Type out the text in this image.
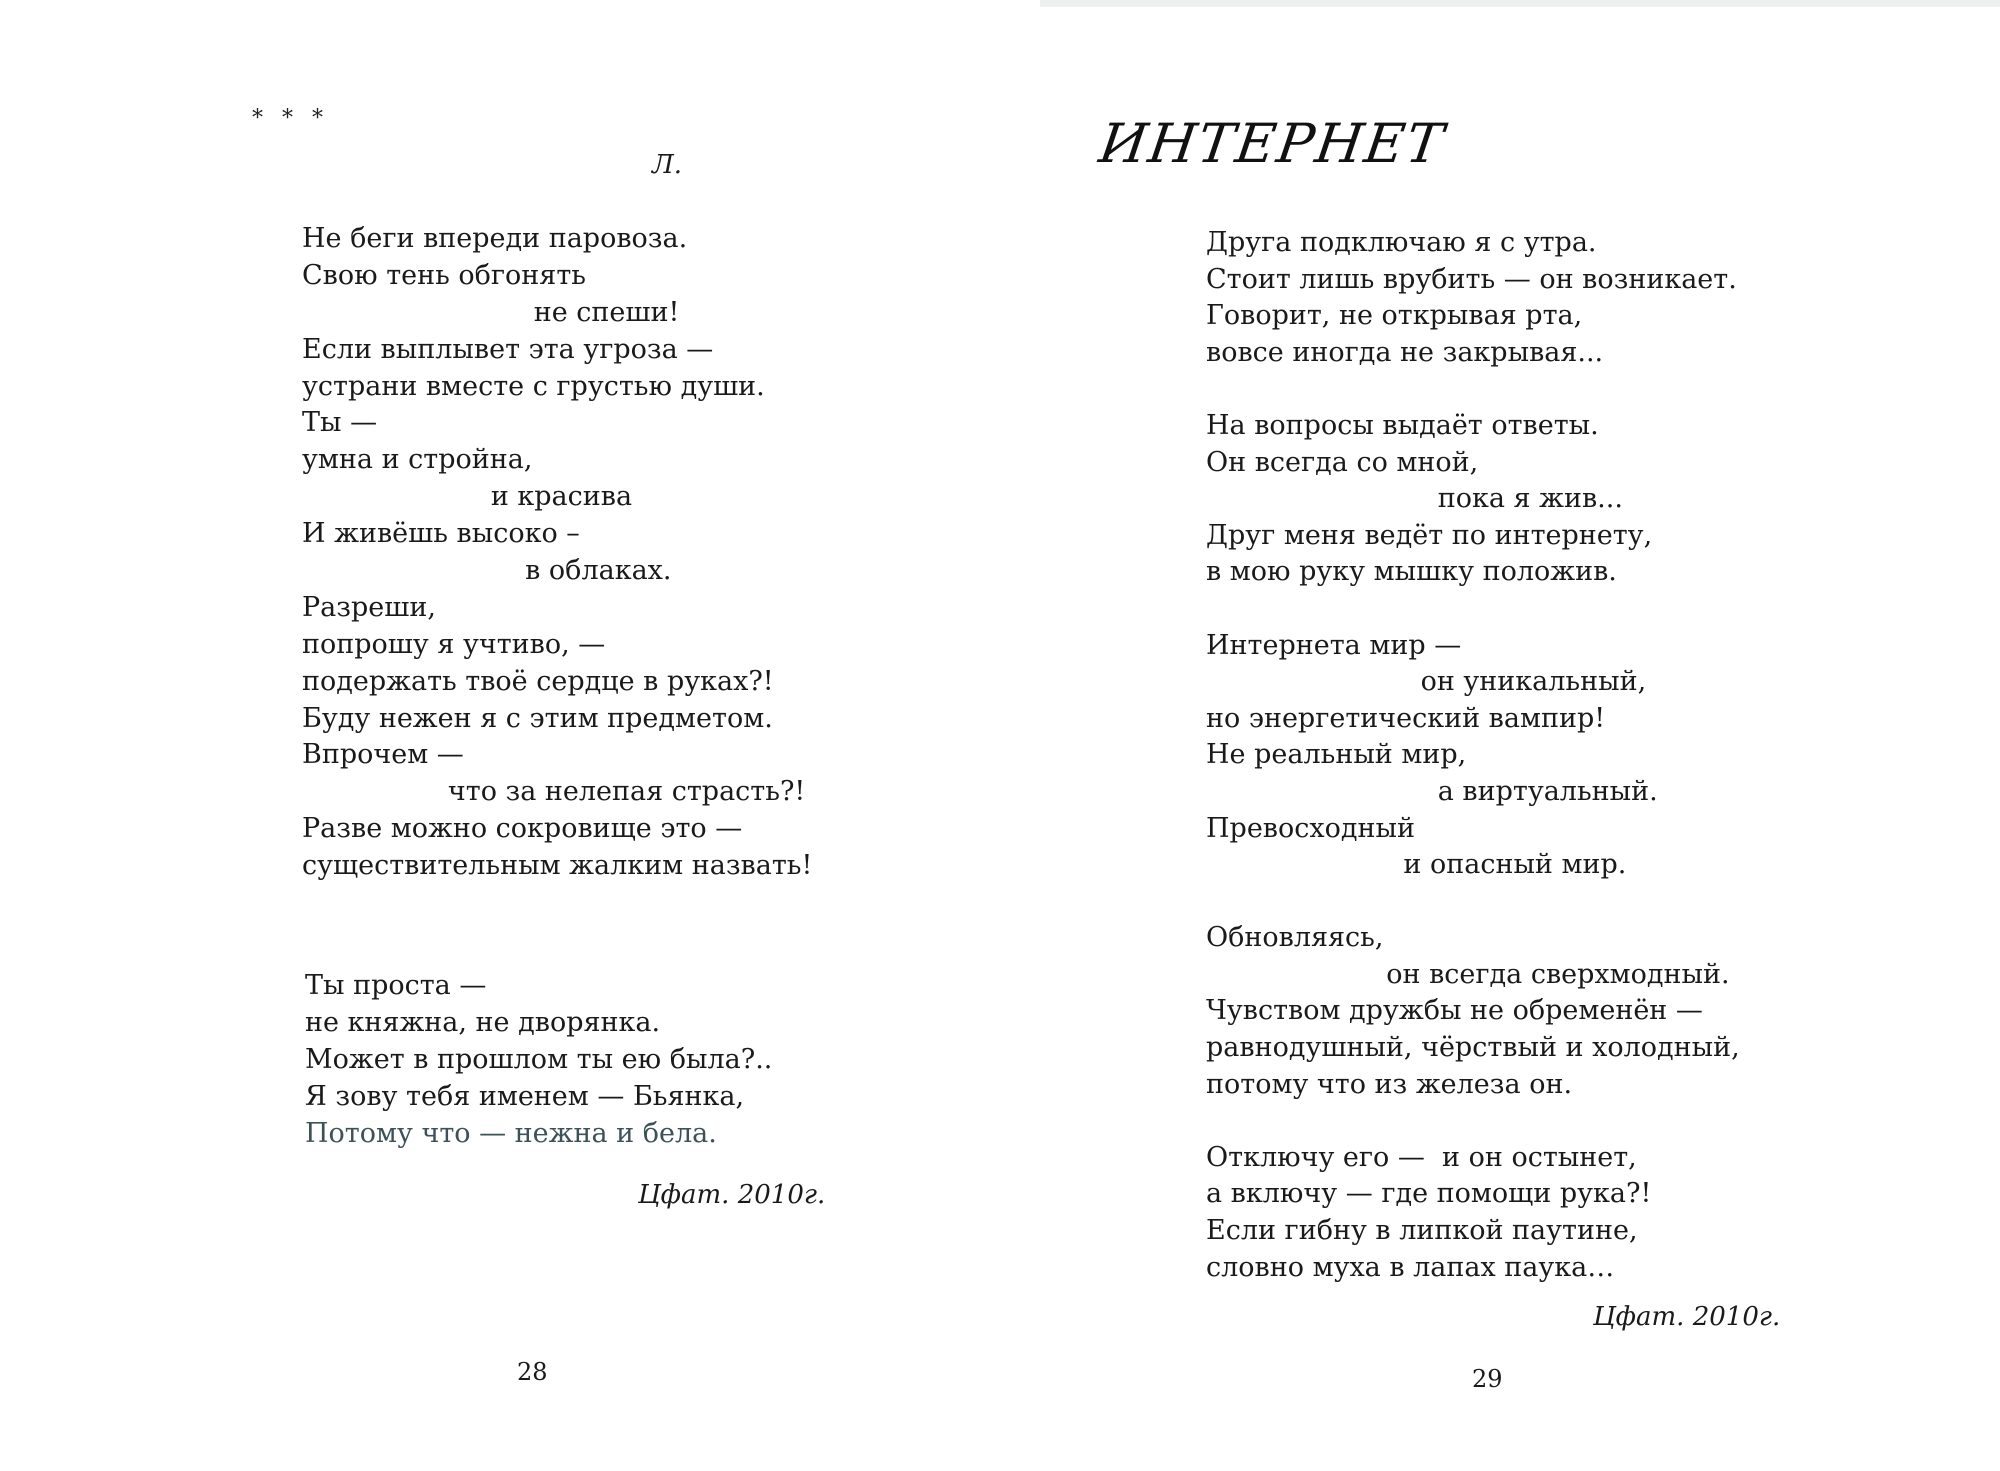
* * *
Л.
Не беги впереди паровоза.
Свою тень обгонять
не спеши!
Если выплывет эта угроза —
устрани вместе с грустью души.
Ты —
умна и стройна,
и красива
И живёшь высоко –
в облаках.
Разреши,
попрошу я учтиво, —
подержать твоё сердце в руках?!
Буду нежен я с этим предметом.
Впрочем —
что за нелепая страсть?!
Разве можно сокровище это —
существительным жалким назвать!
Ты проста —
не княжна, не дворянка.
Может в прошлом ты ею была?..
Я зову тебя именем — Бьянка,
Потому что — нежна и бела.
Цфат. 2010г.
28
ИНТЕРНЕТ
Друга подключаю я с утра.
Стоит лишь врубить — он возникает.
Говорит, не открывая рта,
вовсе иногда не закрывая...

На вопросы выдаёт ответы.
Он всегда со мной,
пока я жив...
Друг меня ведёт по интернету,
в мою руку мышку положив.

Интернета мир —
он уникальный,
но энергетический вампир!
Не реальный мир,
а виртуальный.
Превосходный
и опасный мир.

Обновляясь,
он всегда сверхмодный.
Чувством дружбы не обременён —
равнодушный, чёрствый и холодный,
потому что из железа он.

Отключу его —  и он остынет,
а включу — где помощи рука?!
Если гибну в липкой паутине,
словно муха в лапах паука…
Цфат. 2010г.
29
